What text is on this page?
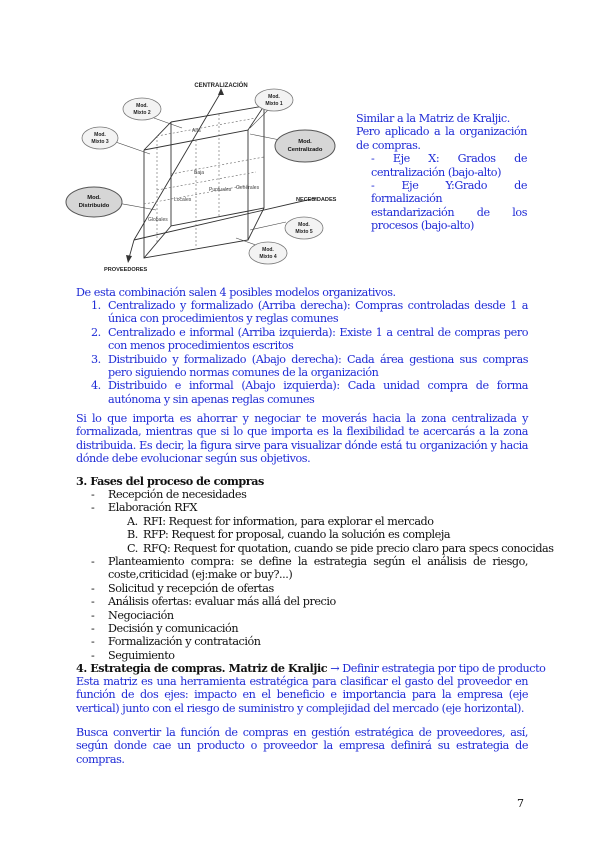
CENTRALIZACIÓN
NECESIDADES
PROVEEDORES
Alta
Baja
Locales
Globales
Puntuales Generales
Mod.
Mixto 2
Mod.
Mixto 1
Mod.
Mixto 3	Mod.
Centralizado
Mod.
Distribuido
Mod.
Mixto 5
Mod.
Mixto 4
Similar a la Matriz de Kraljic.
Pero aplicado a la organización de compras.
- Eje X: Grados de centralización (bajo-alto)
- Eje Y:Grado de formalización estandarización de los procesos (bajo-alto)
De esta combinación salen 4 posibles modelos organizativos.
1. Centralizado y formalizado (Arriba derecha): Compras controladas desde 1 a única con procedimientos y reglas comunes
2. Centralizado e informal (Arriba izquierda): Existe 1 a central de compras pero con menos procedimientos escritos
3. Distribuido y formalizado (Abajo derecha): Cada área gestiona sus compras pero siguiendo normas comunes de la organización
4. Distribuido e informal (Abajo izquierda): Cada unidad compra de forma autónoma y sin apenas reglas comunes
Si lo que importa es ahorrar y negociar te moverás hacia la zona centralizada y formalizada, mientras que si lo que importa es la flexibilidad te acercarás a la zona distribuida. Es decir, la figura sirve para visualizar dónde está tu organización y hacia dónde debe evolucionar según sus objetivos.
3. Fases del proceso de compras
- Recepción de necesidades
- Elaboración RFX
A. RFI: Request for information, para explorar el mercado
B. RFP: Request for proposal, cuando la solución es compleja
C. RFQ: Request for quotation, cuando se pide precio claro para specs conocidas
- Planteamiento compra: se define la estrategia según el análisis de riesgo, coste,criticidad (ej:make or buy?...)
- Solicitud y recepción de ofertas
- Análisis ofertas: evaluar más allá del precio
- Negociación
- Decisión y comunicación
- Formalización y contratación
- Seguimiento
4. Estrategia de compras. Matriz de Kraljic → Definir estrategia por tipo de producto
Esta matriz es una herramienta estratégica para clasificar el gasto del proveedor en función de dos ejes: impacto en el beneficio e importancia para la empresa (eje vertical) junto con el riesgo de suministro y complejidad del mercado (eje horizontal).
Busca convertir la función de compras en gestión estratégica de proveedores, así, según donde cae un producto o proveedor la empresa definirá su estrategia de compras.
7
